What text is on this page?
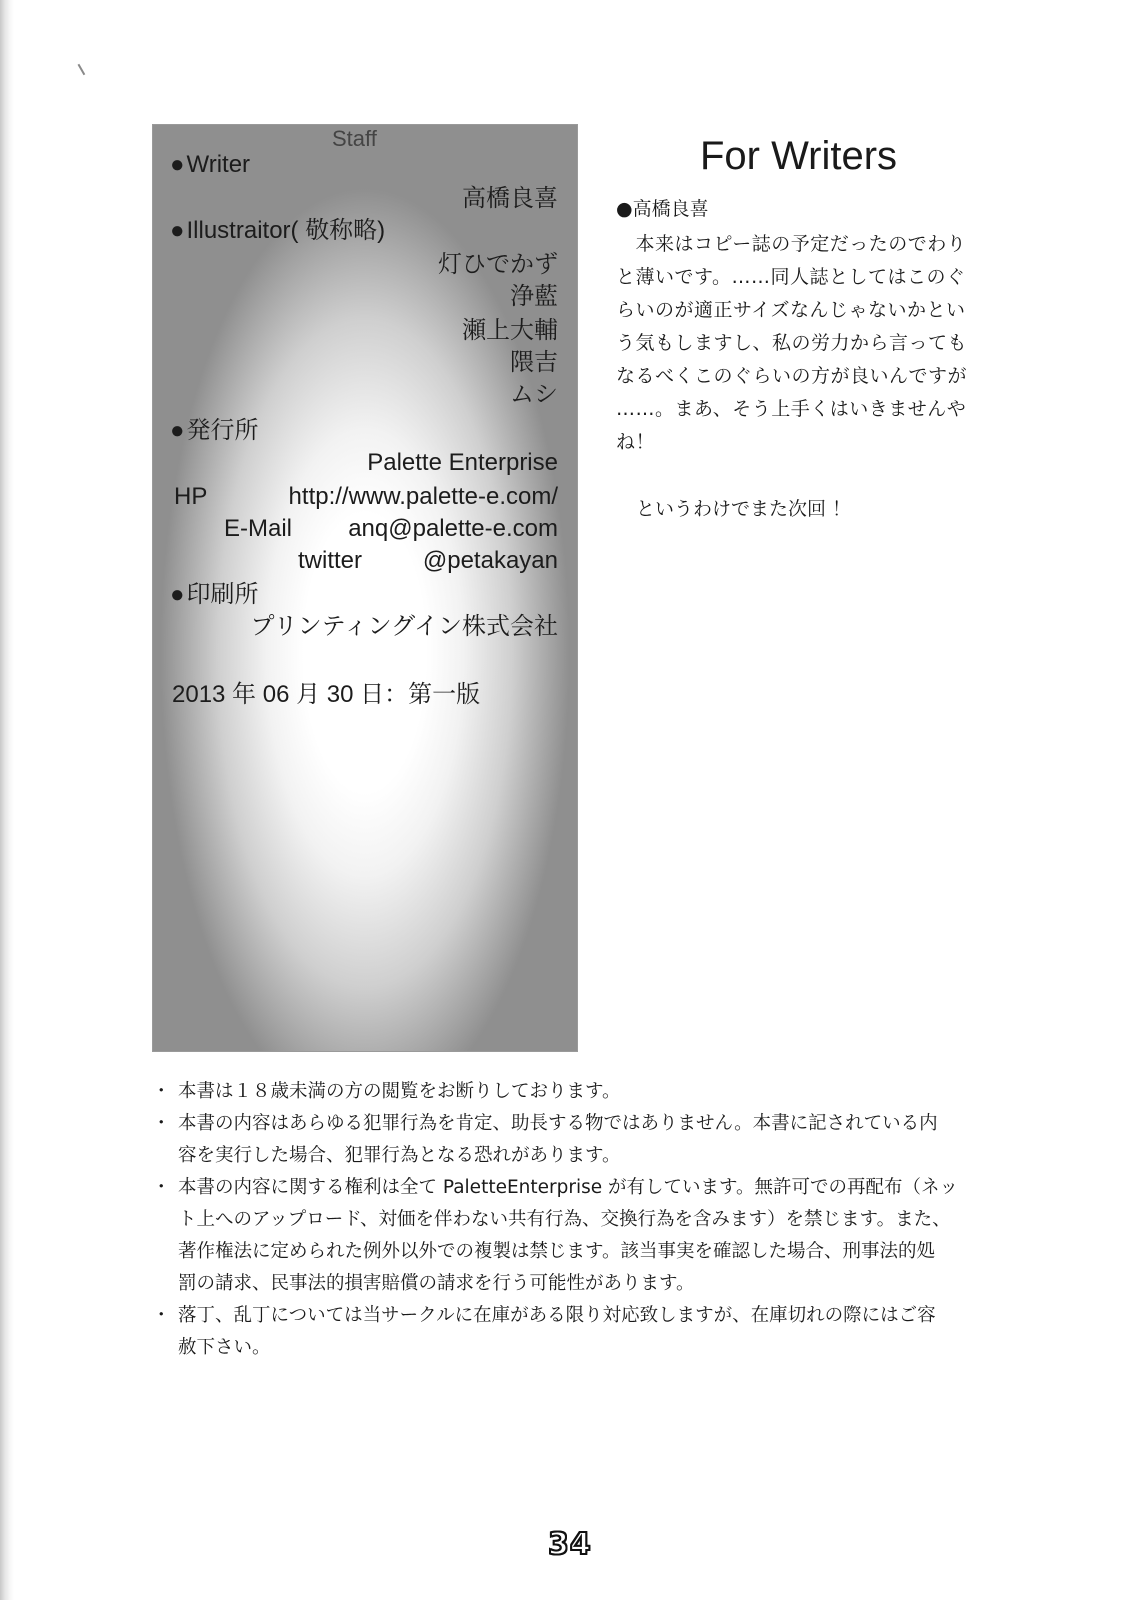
Staff
● Writer
高橋良喜
● Illustraitor( 敬称略)
灯ひでかず
浄藍
瀬上大輔
隈吉
ムシ
● 発行所
Palette Enterprise
HP	http://www.palette-e.com/
E-Mail anq@palette-e.com
twitter	@petakayan
● 印刷所
プリンティングイン株式会社
2013 年 06 月 30 日：第一版
For Writers
●高橋良喜
　本来はコピー誌の予定だったのでわり
と薄いです。……同人誌としてはこのぐ
らいのが適正サイズなんじゃないかとい
う気もしますし、私の労力から言っても
なるべくこのぐらいの方が良いんですが
……。まあ、そう上手くはいきませんや
ね！
というわけでまた次回 ！
・ 本書は１８歳未満の方の閲覧をお断りしております。
・ 本書の内容はあらゆる犯罪行為を肯定、助長する物ではありません。本書に記されている内
容を実行した場合、犯罪行為となる恐れがあります。
・ 本書の内容に関する権利は全て PaletteEnterprise が有しています。無許可での再配布（ネッ
ト上へのアップロード、対価を伴わない共有行為、交換行為を含みます）を禁じます。また、
著作権法に定められた例外以外での複製は禁じます。該当事実を確認した場合、刑事法的処
罰の請求、民事法的損害賠償の請求を行う可能性があります。
・ 落丁、乱丁については当サークルに在庫がある限り対応致しますが、在庫切れの際にはご容
赦下さい。
34
